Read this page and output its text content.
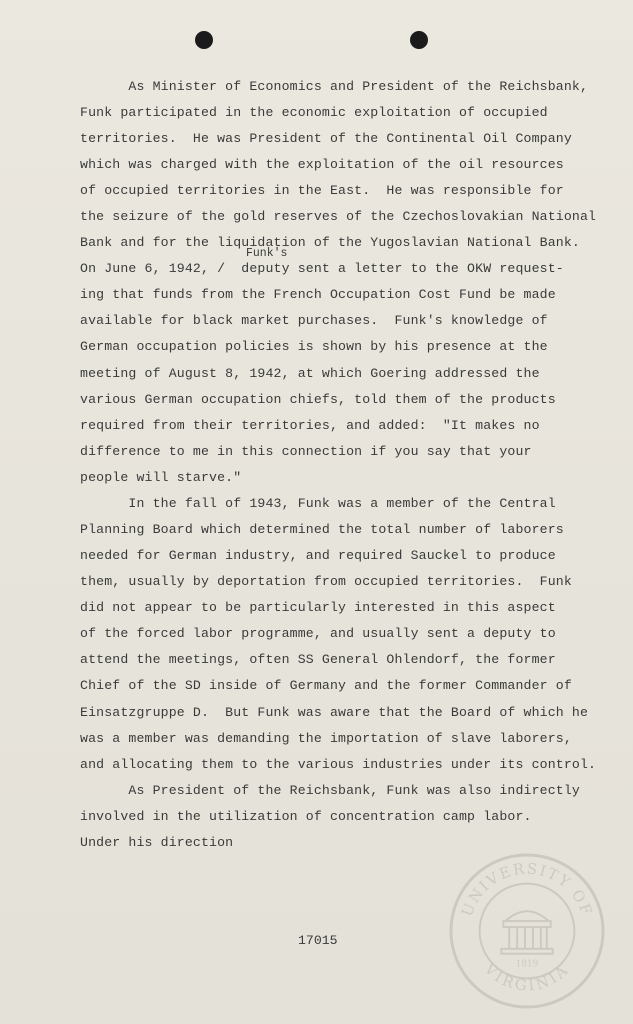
As Minister of Economics and President of the Reichsbank,
Funk participated in the economic exploitation of occupied
territories.  He was President of the Continental Oil Company
which was charged with the exploitation of the oil resources
of occupied territories in the East.  He was responsible for
the seizure of the gold reserves of the Czechoslovakian National
Bank and for the liquidation of the Yugoslavian National Bank.
Funk's
On June 6, 1942, /  deputy sent a letter to the OKW request-
ing that funds from the French Occupation Cost Fund be made
available for black market purchases.  Funk's knowledge of
German occupation policies is shown by his presence at the
meeting of August 8, 1942, at which Goering addressed the
various German occupation chiefs, told them of the products
required from their territories, and added:  "It makes no
difference to me in this connection if you say that your
people will starve."
In the fall of 1943, Funk was a member of the Central
Planning Board which determined the total number of laborers
needed for German industry, and required Sauckel to produce
them, usually by deportation from occupied territories.  Funk
did not appear to be particularly interested in this aspect
of the forced labor programme, and usually sent a deputy to
attend the meetings, often SS General Ohlendorf, the former
Chief of the SD inside of Germany and the former Commander of
Einsatzgruppe D.  But Funk was aware that the Board of which he
was a member was demanding the importation of slave laborers,
and allocating them to the various industries under its control.
As President of the Reichsbank, Funk was also indirectly
involved in the utilization of concentration camp labor.
Under his direction
17015
UNIVERSITY OF
VIRGINIA
1819
